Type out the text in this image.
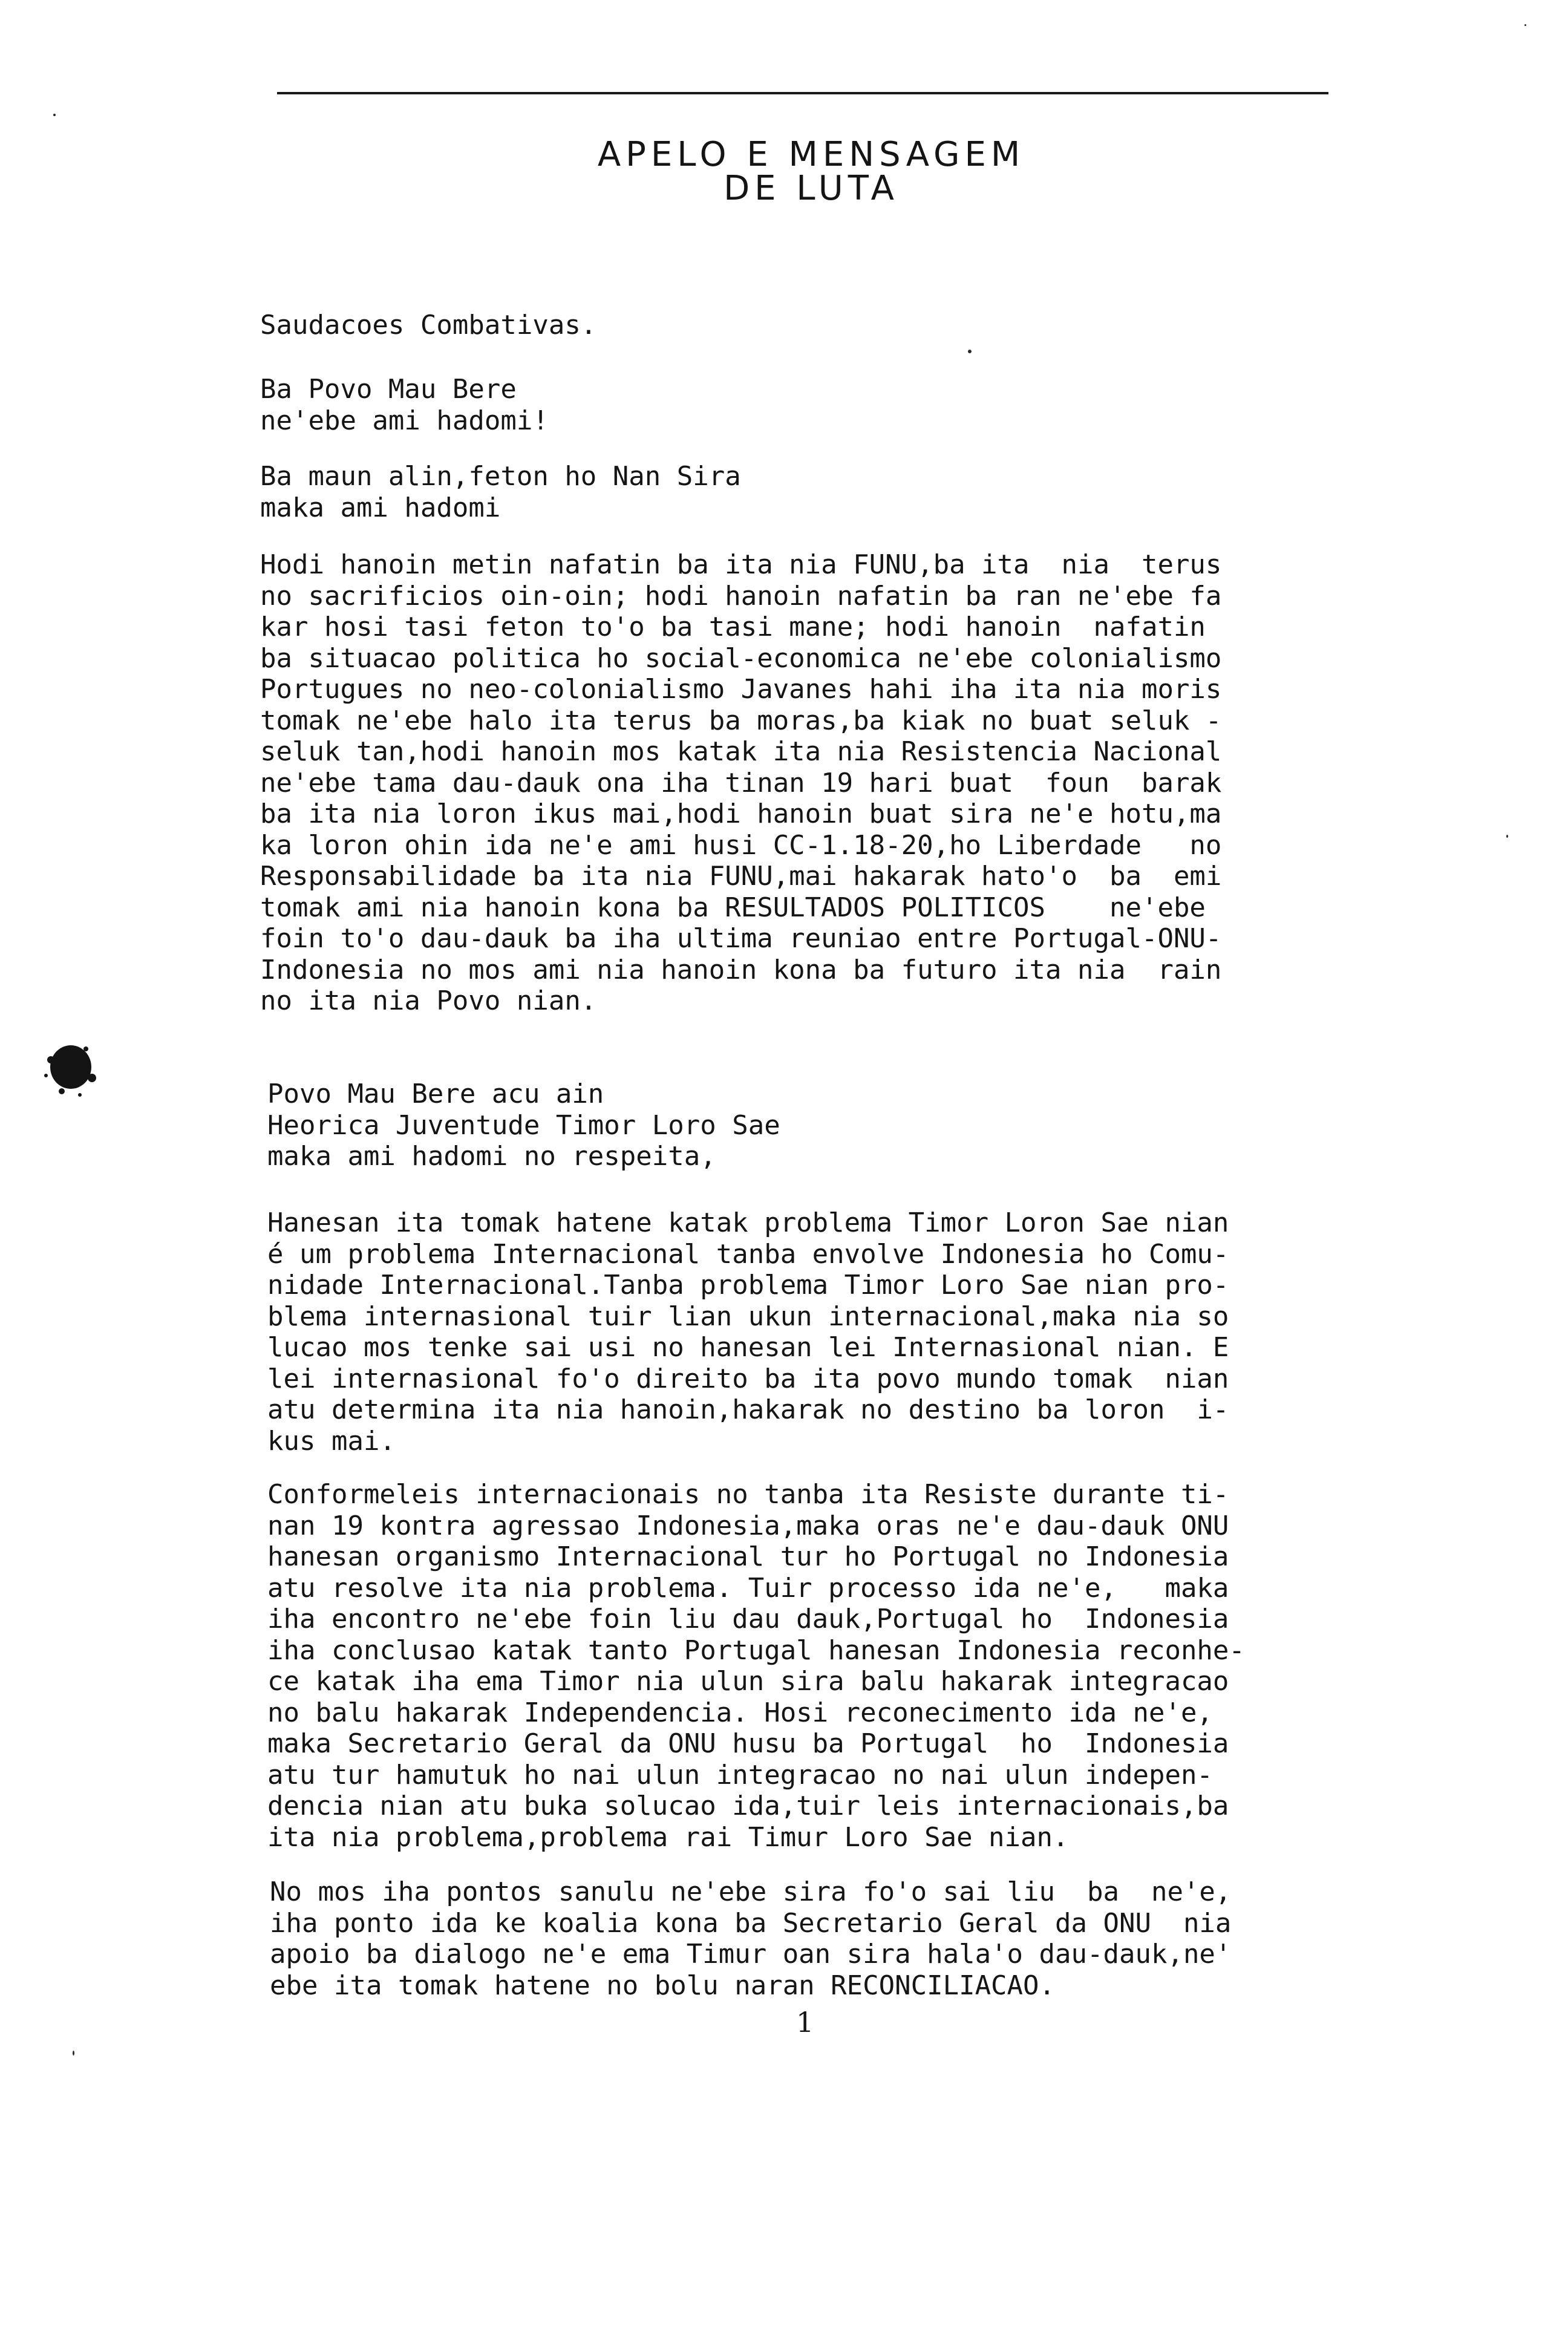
APELO E MENSAGEM
DE LUTA
Saudacoes Combativas.
Ba Povo Mau Bere
ne'ebe ami hadomi!
Ba maun alin,feton ho Nan Sira
maka ami hadomi
Hodi hanoin metin nafatin ba ita nia FUNU,ba ita  nia  terus
no sacrificios oin-oin; hodi hanoin nafatin ba ran ne'ebe fa
kar hosi tasi feton to'o ba tasi mane; hodi hanoin  nafatin
ba situacao politica ho social-economica ne'ebe colonialismo
Portugues no neo-colonialismo Javanes hahi iha ita nia moris
tomak ne'ebe halo ita terus ba moras,ba kiak no buat seluk -
seluk tan,hodi hanoin mos katak ita nia Resistencia Nacional
ne'ebe tama dau-dauk ona iha tinan 19 hari buat  foun  barak
ba ita nia loron ikus mai,hodi hanoin buat sira ne'e hotu,ma
ka loron ohin ida ne'e ami husi CC-1.18-20,ho Liberdade   no
Responsabilidade ba ita nia FUNU,mai hakarak hato'o  ba  emi
tomak ami nia hanoin kona ba RESULTADOS POLITICOS    ne'ebe
foin to'o dau-dauk ba iha ultima reuniao entre Portugal-ONU-
Indonesia no mos ami nia hanoin kona ba futuro ita nia  rain
no ita nia Povo nian.
Povo Mau Bere acu ain
Heorica Juventude Timor Loro Sae
maka ami hadomi no respeita,
Hanesan ita tomak hatene katak problema Timor Loron Sae nian
é um problema Internacional tanba envolve Indonesia ho Comu-
nidade Internacional.Tanba problema Timor Loro Sae nian pro-
blema internasional tuir lian ukun internacional,maka nia so
lucao mos tenke sai usi no hanesan lei Internasional nian. E
lei internasional fo'o direito ba ita povo mundo tomak  nian
atu determina ita nia hanoin,hakarak no destino ba loron  i-
kus mai.
Conformeleis internacionais no tanba ita Resiste durante ti-
nan 19 kontra agressao Indonesia,maka oras ne'e dau-dauk ONU
hanesan organismo Internacional tur ho Portugal no Indonesia
atu resolve ita nia problema. Tuir processo ida ne'e,   maka
iha encontro ne'ebe foin liu dau dauk,Portugal ho  Indonesia
iha conclusao katak tanto Portugal hanesan Indonesia reconhe-
ce katak iha ema Timor nia ulun sira balu hakarak integracao
no balu hakarak Independencia. Hosi reconecimento ida ne'e,
maka Secretario Geral da ONU husu ba Portugal  ho  Indonesia
atu tur hamutuk ho nai ulun integracao no nai ulun indepen-
dencia nian atu buka solucao ida,tuir leis internacionais,ba
ita nia problema,problema rai Timur Loro Sae nian.
No mos iha pontos sanulu ne'ebe sira fo'o sai liu  ba  ne'e,
iha ponto ida ke koalia kona ba Secretario Geral da ONU  nia
apoio ba dialogo ne'e ema Timur oan sira hala'o dau-dauk,ne'
ebe ita tomak hatene no bolu naran RECONCILIACAO.
1
